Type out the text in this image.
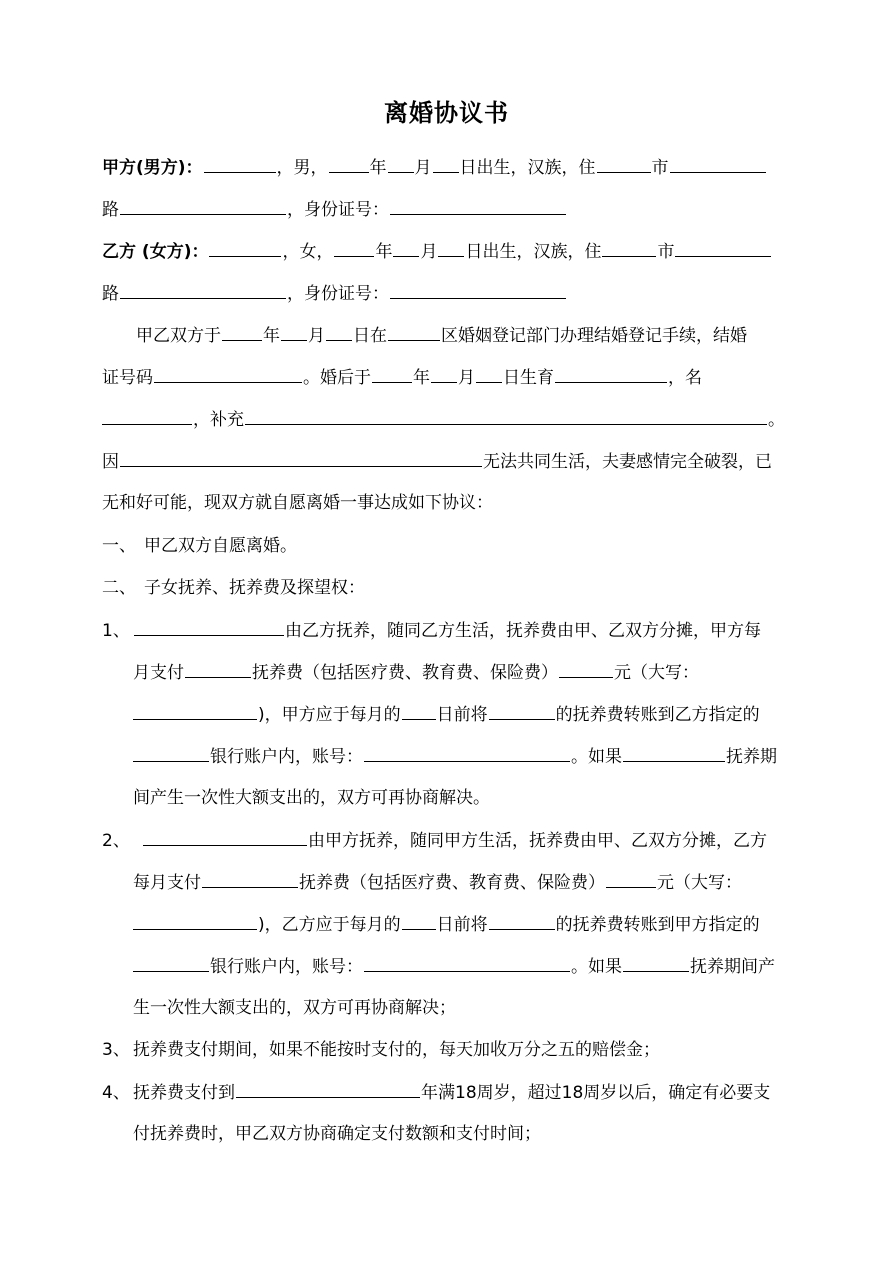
离婚协议书
甲方(男方)：	，男， 年 月 日出生，汉族，住	市
路	，身份证号：
乙方 (女方)：	，女， 年 月 日出生，汉族，住	市
路	，身份证号：
甲乙双方于 年 月 日在	区婚姻登记部门办理结婚登记手续，结婚
证号码	。婚后于 年 月 日生育	，名
，补充	。
因	无法共同生活，夫妻感情完全破裂，已
无和好可能，现双方就自愿离婚一事达成如下协议：
一、 甲乙双方自愿离婚。
二、 子女抚养、抚养费及探望权：
1、	由乙方抚养，随同乙方生活，抚养费由甲、乙双方分摊，甲方每
月支付	抚养费（包括医疗费、教育费、保险费）	元（大写：
)，甲方应于每月的 日前将	的抚养费转账到乙方指定的
银行账户内，账号：	。如果	抚养期
间产生一次性大额支出的，双方可再协商解决。
2、	由甲方抚养，随同甲方生活，抚养费由甲、乙双方分摊，乙方
每月支付	抚养费（包括医疗费、教育费、保险费）	元（大写：
)，乙方应于每月的 日前将	的抚养费转账到甲方指定的
银行账户内，账号：	。如果	抚养期间产
生一次性大额支出的，双方可再协商解决；
3、 抚养费支付期间，如果不能按时支付的，每天加收万分之五的赔偿金；
4、 抚养费支付到	年满18周岁，超过18周岁以后，确定有必要支
付抚养费时，甲乙双方协商确定支付数额和支付时间；
